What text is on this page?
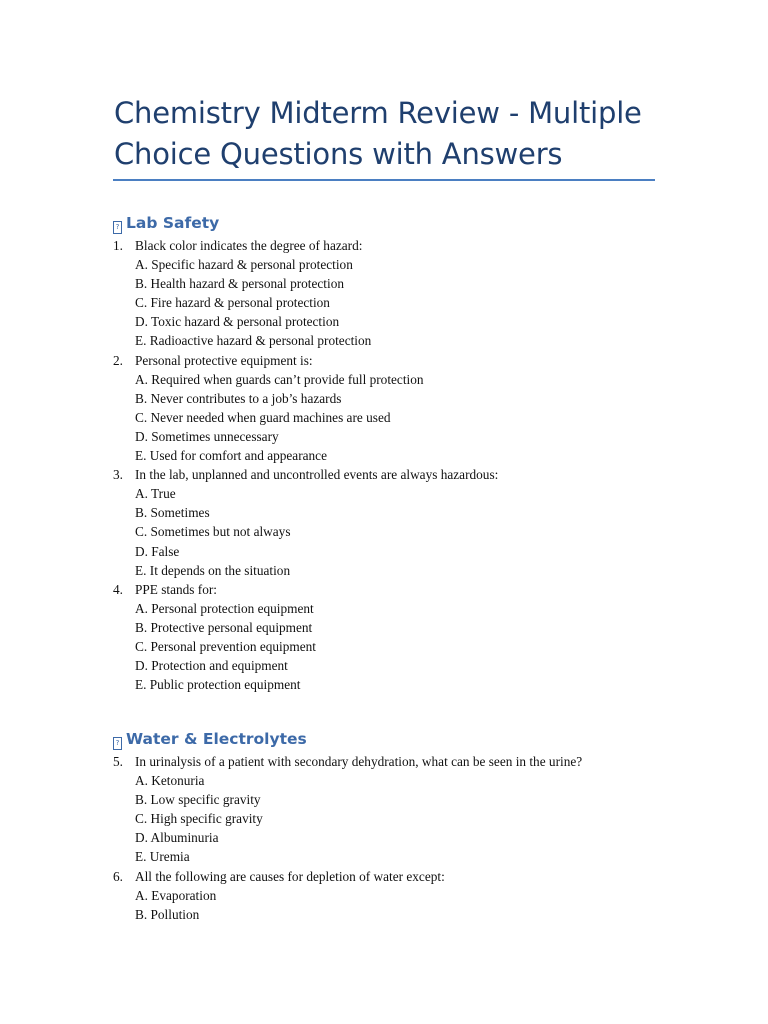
Chemistry Midterm Review - Multiple Choice Questions with Answers
? Lab Safety
1. Black color indicates the degree of hazard:
A. Specific hazard & personal protection
B. Health hazard & personal protection
C. Fire hazard & personal protection
D. Toxic hazard & personal protection
E. Radioactive hazard & personal protection
2. Personal protective equipment is:
A. Required when guards can’t provide full protection
B. Never contributes to a job’s hazards
C. Never needed when guard machines are used
D. Sometimes unnecessary
E. Used for comfort and appearance
3. In the lab, unplanned and uncontrolled events are always hazardous:
A. True
B. Sometimes
C. Sometimes but not always
D. False
E. It depends on the situation
4. PPE stands for:
A. Personal protection equipment
B. Protective personal equipment
C. Personal prevention equipment
D. Protection and equipment
E. Public protection equipment
? Water & Electrolytes
5. In urinalysis of a patient with secondary dehydration, what can be seen in the urine?
A. Ketonuria
B. Low specific gravity
C. High specific gravity
D. Albuminuria
E. Uremia
6. All the following are causes for depletion of water except:
A. Evaporation
B. Pollution
